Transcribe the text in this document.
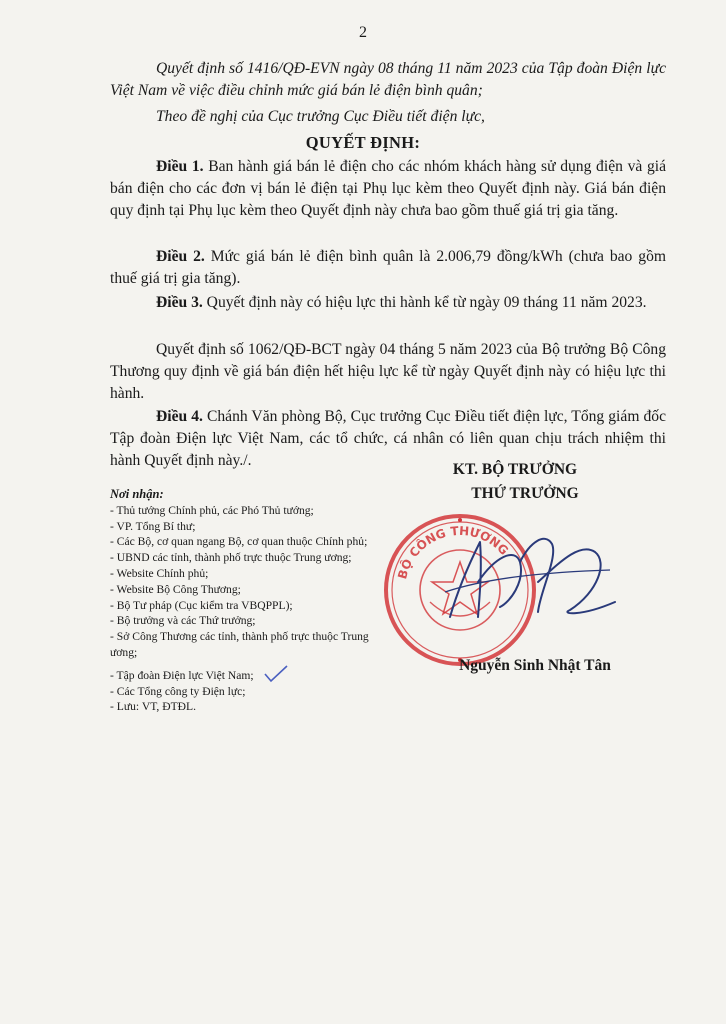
2

Quyết định số 1416/QĐ-EVN ngày 08 tháng 11 năm 2023 của Tập đoàn Điện lực Việt Nam về việc điều chỉnh mức giá bán lẻ điện bình quân;

Theo đề nghị của Cục trưởng Cục Điều tiết điện lực,

QUYẾT ĐỊNH:

Điều 1. Ban hành giá bán lẻ điện cho các nhóm khách hàng sử dụng điện và giá bán điện cho các đơn vị bán lẻ điện tại Phụ lục kèm theo Quyết định này. Giá bán điện quy định tại Phụ lục kèm theo Quyết định này chưa bao gồm thuế giá trị gia tăng.

Điều 2. Mức giá bán lẻ điện bình quân là 2.006,79 đồng/kWh (chưa bao gồm thuế giá trị gia tăng).

Điều 3. Quyết định này có hiệu lực thi hành kể từ ngày 09 tháng 11 năm 2023.

Quyết định số 1062/QĐ-BCT ngày 04 tháng 5 năm 2023 của Bộ trưởng Bộ Công Thương quy định về giá bán điện hết hiệu lực kể từ ngày Quyết định này có hiệu lực thi hành.

Điều 4. Chánh Văn phòng Bộ, Cục trưởng Cục Điều tiết điện lực, Tổng giám đốc Tập đoàn Điện lực Việt Nam, các tổ chức, cá nhân có liên quan chịu trách nhiệm thi hành Quyết định này./.

Nơi nhận:
- Thủ tướng Chính phủ, các Phó Thủ tướng;
- VP. Tổng Bí thư;
- Các Bộ, cơ quan ngang Bộ, cơ quan thuộc Chính phủ;
- UBND các tỉnh, thành phố trực thuộc Trung ương;
- Website Chính phủ;
- Website Bộ Công Thương;
- Bộ Tư pháp (Cục kiểm tra VBQPPL);
- Bộ trưởng và các Thứ trưởng;
- Sở Công Thương các tỉnh, thành phố trực thuộc Trung ương;
- Tập đoàn Điện lực Việt Nam;
- Các Tổng công ty Điện lực;
- Lưu: VT, ĐTĐL.
KT. BỘ TRƯỞNG
THỨ TRƯỞNG
BỘ CÔNG THƯƠNG
Nguyễn Sinh Nhật Tân
